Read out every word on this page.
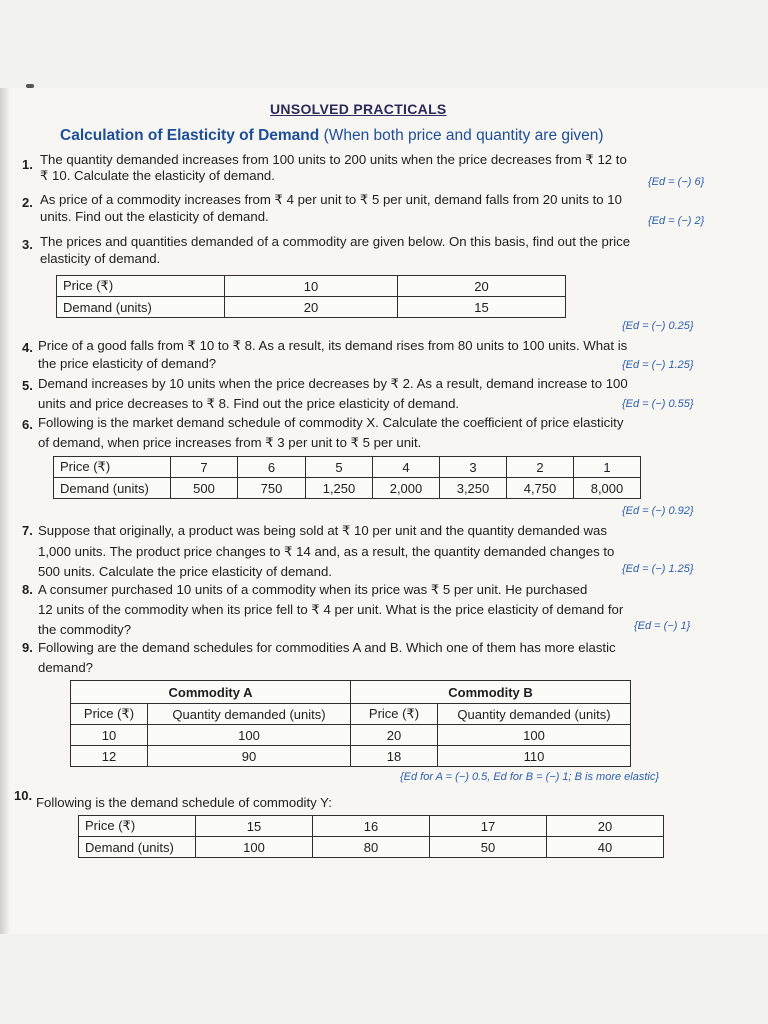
UNSOLVED PRACTICALS
Calculation of Elasticity of Demand (When both price and quantity are given)
1. The quantity demanded increases from 100 units to 200 units when the price decreases from ₹ 12 to
₹ 10. Calculate the elasticity of demand.	{Ed = (−) 6}
2. As price of a commodity increases from ₹ 4 per unit to ₹ 5 per unit, demand falls from 20 units to 10
units. Find out the elasticity of demand.	{Ed = (−) 2}
3. The prices and quantities demanded of a commodity are given below. On this basis, find out the price
elasticity of demand.
Price (₹)	10	20
Demand (units)	20	15
{Ed = (−) 0.25}
4. Price of a good falls from ₹ 10 to ₹ 8. As a result, its demand rises from 80 units to 100 units. What is
the price elasticity of demand?	{Ed = (−) 1.25}
5. Demand increases by 10 units when the price decreases by ₹ 2. As a result, demand increase to 100
units and price decreases to ₹ 8. Find out the price elasticity of demand.	{Ed = (−) 0.55}
6. Following is the market demand schedule of commodity X. Calculate the coefficient of price elasticity
of demand, when price increases from ₹ 3 per unit to ₹ 5 per unit.
Price (₹)	7	6	5	4	3	2	1
Demand (units)	500	750	1,250	2,000	3,250	4,750	8,000
{Ed = (−) 0.92}
7. Suppose that originally, a product was being sold at ₹ 10 per unit and the quantity demanded was
1,000 units. The product price changes to ₹ 14 and, as a result, the quantity demanded changes to
500 units. Calculate the price elasticity of demand.	{Ed = (−) 1.25}
8. A consumer purchased 10 units of a commodity when its price was ₹ 5 per unit. He purchased
12 units of the commodity when its price fell to ₹ 4 per unit. What is the price elasticity of demand for
the commodity?	{Ed = (−) 1}
9. Following are the demand schedules for commodities A and B. Which one of them has more elastic
demand?
Commodity A		Commodity B	
Price (₹)	Quantity demanded (units)	Price (₹)	Quantity demanded (units)
10	100	20	100
12	90	18	110
{Ed for A = (−) 0.5, Ed for B = (−) 1; B is more elastic}
10. Following is the demand schedule of commodity Y:
Price (₹)	15	16	17	20
Demand (units)	100	80	50	40
